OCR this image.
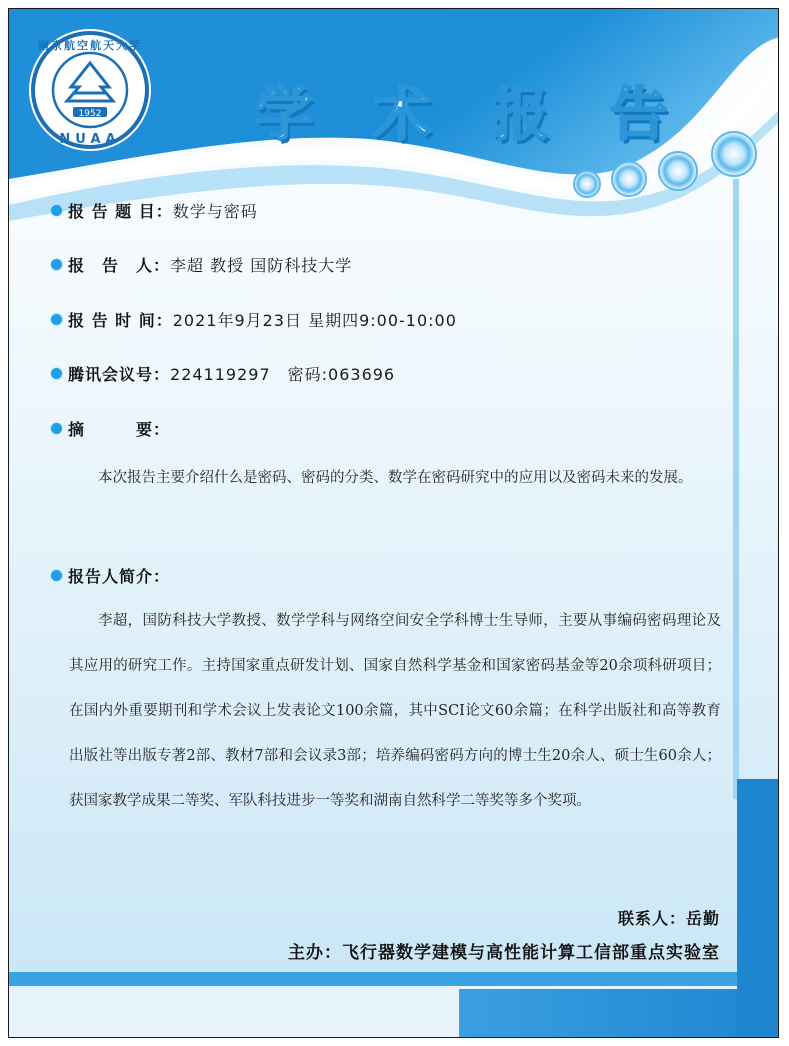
1952
NUAA
南京航空航天大学
学 术 报 告
报 告 题 目： 数学与密码
报　告　人： 李超 教授 国防科技大学
报 告 时 间： 2021年9月23日 星期四9:00-10:00
腾讯会议号： 224119297　密码:063696
摘　　　要：
本次报告主要介绍什么是密码、密码的分类、数学在密码研究中的应用以及密码未来的发展。
报告人简介：
李超，国防科技大学教授、数学学科与网络空间安全学科博士生导师，主要从事编码密码理论及其应用的研究工作。主持国家重点研发计划、国家自然科学基金和国家密码基金等20余项科研项目；在国内外重要期刊和学术会议上发表论文100余篇，其中SCI论文60余篇；在科学出版社和高等教育出版社等出版专著2部、教材7部和会议录3部；培养编码密码方向的博士生20余人、硕士生60余人；获国家教学成果二等奖、军队科技进步一等奖和湖南自然科学二等奖等多个奖项。
联系人：岳勤
主办：飞行器数学建模与高性能计算工信部重点实验室
